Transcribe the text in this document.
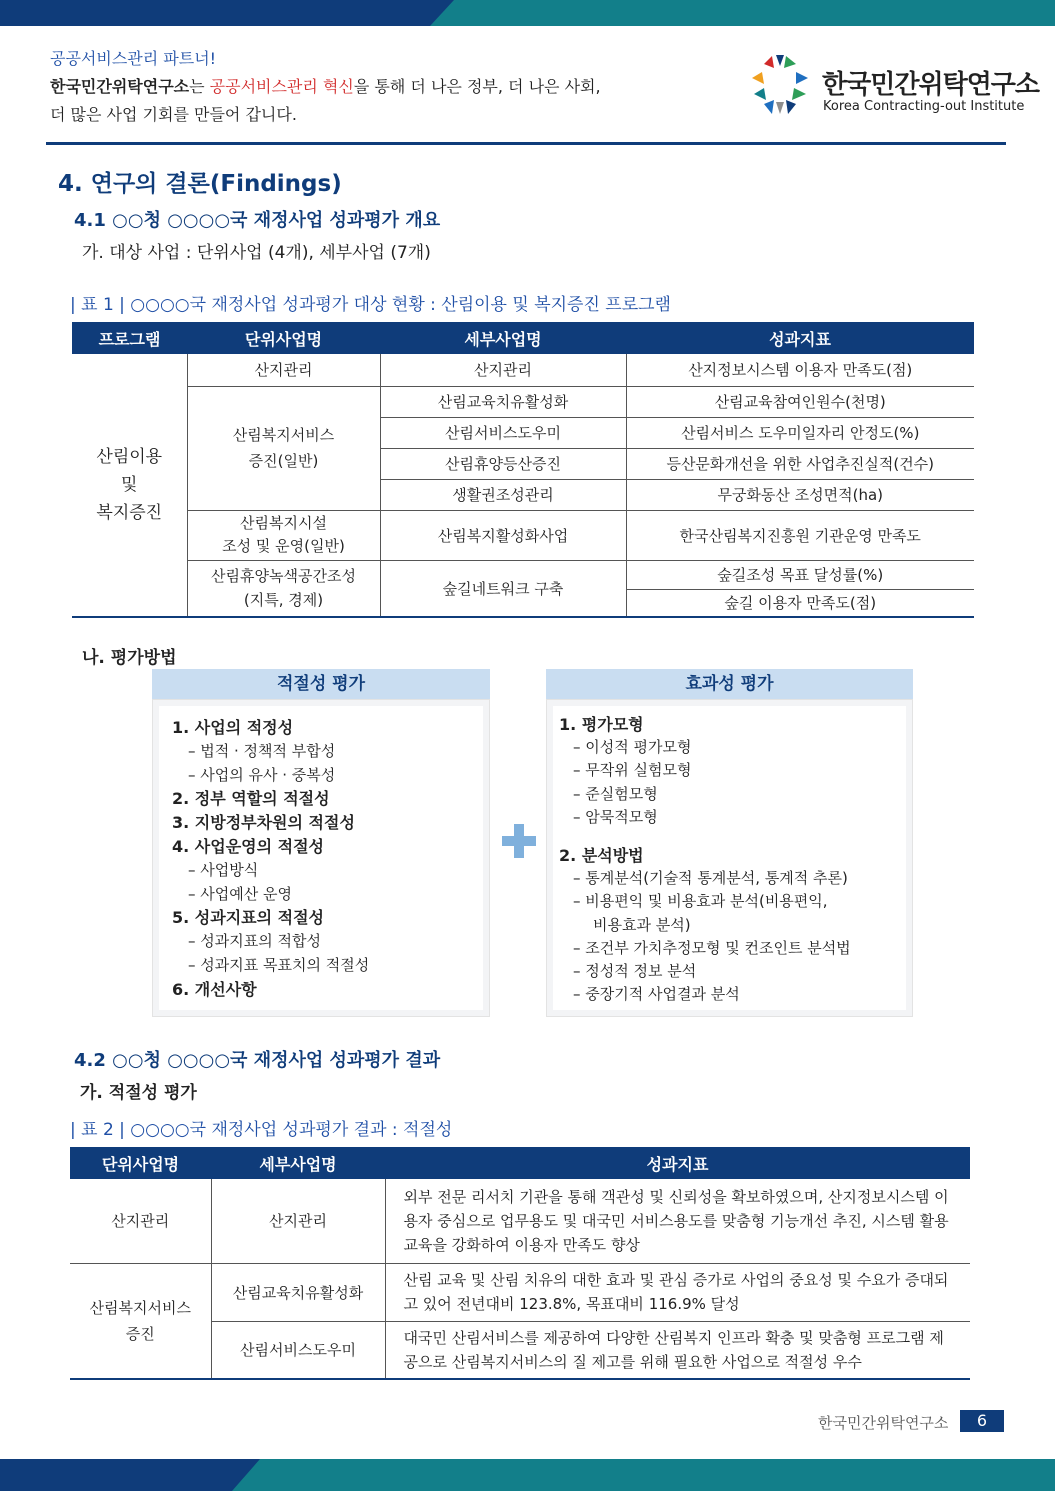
공공서비스관리 파트너!
한국민간위탁연구소는 공공서비스관리 혁신을 통해 더 나은 정부, 더 나은 사회,
더 많은 사업 기회를 만들어 갑니다.
한국민간위탁연구소
Korea Contracting-out Institute
4. 연구의 결론(Findings)
4.1 ○○청 ○○○○국 재정사업 성과평가 개요
가. 대상 사업 : 단위사업 (4개), 세부사업 (7개)
| 표 1 | ○○○○국 재정사업 성과평가 대상 현황 : 산림이용 및 복지증진 프로그램
프로그램	단위사업명	세부사업명	성과지표
산림이용
및
복지증진	산지관리	산지관리	산지정보시스템 이용자 만족도(점)
	산림복지서비스
증진(일반)	산림교육치유활성화	산림교육참여인원수(천명)
		산림서비스도우미	산림서비스 도우미일자리 안정도(%)
		산림휴양등산증진	등산문화개선을 위한 사업추진실적(건수)
		생활권조성관리	무궁화동산 조성면적(ha)
	산림복지시설
조성 및 운영(일반)	산림복지활성화사업	한국산림복지진흥원 기관운영 만족도
	산림휴양녹색공간조성
(지특, 경제)	숲길네트워크 구축	숲길조성 목표 달성률(%)
			숲길 이용자 만족도(점)
나. 평가방법
적절성 평가
1. 사업의 적정성
– 법적 · 정책적 부합성
– 사업의 유사 · 중복성
2. 정부 역할의 적절성
3. 지방정부차원의 적절성
4. 사업운영의 적절성
– 사업방식
– 사업예산 운영
5. 성과지표의 적절성
– 성과지표의 적합성
– 성과지표 목표치의 적절성
6. 개선사항
효과성 평가
1. 평가모형
– 이성적 평가모형
– 무작위 실험모형
– 준실험모형
– 암묵적모형
2. 분석방법
– 통계분석(기술적 통계분석, 통계적 추론)
– 비용편익 및 비용효과 분석(비용편익,
비용효과 분석)
– 조건부 가치추정모형 및 컨조인트 분석법
– 정성적 정보 분석
– 중장기적 사업결과 분석
4.2 ○○청 ○○○○국 재정사업 성과평가 결과
가. 적절성 평가
| 표 2 | ○○○○국 재정사업 성과평가 결과 : 적절성
단위사업명	세부사업명	성과지표
산지관리	산지관리	외부 전문 리서치 기관을 통해 객관성 및 신뢰성을 확보하였으며, 산지정보시스템 이용자 중심으로 업무용도 및 대국민 서비스용도를 맞춤형 기능개선 추진, 시스템 활용 교육을 강화하여 이용자 만족도 향상
산림복지서비스
증진	산림교육치유활성화	산림 교육 및 산림 치유의 대한 효과 및 관심 증가로 사업의 중요성 및 수요가 증대되고 있어 전년대비 123.8%, 목표대비 116.9% 달성
	산림서비스도우미	대국민 산림서비스를 제공하여 다양한 산림복지 인프라 확충 및 맞춤형 프로그램 제공으로 산림복지서비스의 질 제고를 위해 필요한 사업으로 적절성 우수
한국민간위탁연구소	6
